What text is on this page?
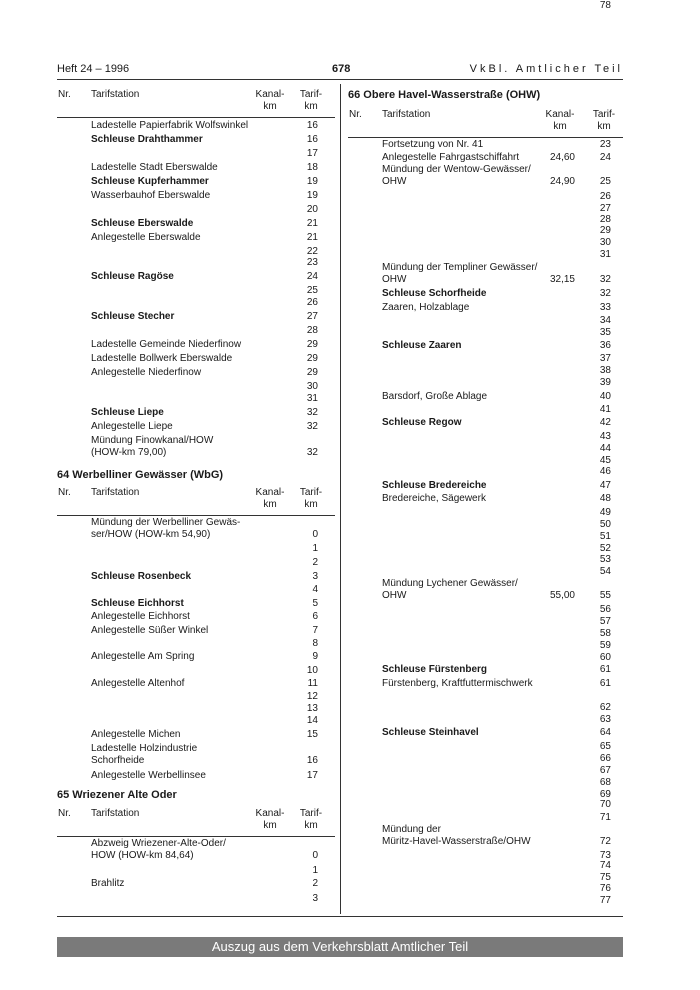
Heft 24 – 1996	678	VkBl. Amtlicher Teil
Nr. Tarifstation	Kanal-
km
Tarif-
km
Ladestelle Papierfabrik Wolfswinkel	16
Schleuse Drahthammer	16
17
Ladestelle Stadt Eberswalde	18
Schleuse Kupferhammer	19
Wasserbauhof Eberswalde	19
20
Schleuse Eberswalde	21
Anlegestelle Eberswalde	21
22
23
Schleuse Ragöse	24
25
26
Schleuse Stecher	27
28
Ladestelle Gemeinde Niederfinow	29
Ladestelle Bollwerk Eberswalde	29
Anlegestelle Niederfinow	29
30
31
Schleuse Liepe	32
Anlegestelle Liepe	32
Mündung Finowkanal/HOW
(HOW-km 79,00)	32
Nr. Tarifstation	Kanal-
km
Tarif-
km
Mündung der Werbelliner Gewäs-
ser/HOW (HOW-km 54,90)	0
1
2
Schleuse Rosenbeck	3
4
Schleuse Eichhorst	5
Anlegestelle Eichhorst	6
Anlegestelle Süßer Winkel	7
8
Anlegestelle Am Spring	9
10
Anlegestelle Altenhof	11
12
13
14
Anlegestelle Michen	15
Ladestelle Holzindustrie
Schorfheide	16
Anlegestelle Werbellinsee	17
Nr. Tarifstation	Kanal-
km
Tarif-
km
Abzweig Wriezener-Alte-Oder/
HOW (HOW-km 84,64)	0
1
Brahlitz	2
3
64 Werbelliner Gewässer (WbG)
65 Wriezener Alte Oder
66 Obere Havel-Wasserstraße (OHW)
Nr. Tarifstation	Kanal-
km
Tarif-
km
Fortsetzung von Nr. 41	23
Anlegestelle Fahrgastschiffahrt	24,60	24
Mündung der Wentow-Gewässer/
OHW	24,90	25
26
27
28
29
30
31
Mündung der Templiner Gewässer/
OHW	32,15	32
Schleuse Schorfheide	32
Zaaren, Holzablage	33
34
35
Schleuse Zaaren	36
37
38
39
Barsdorf, Große Ablage	40
41
Schleuse Regow	42
43
44
45
46
Schleuse Bredereiche	47
Bredereiche, Sägewerk	48
49
50
51
52
53
54
Mündung Lychener Gewässer/
OHW	55,00	55
56
57
58
59
60
Schleuse Fürstenberg	61
Fürstenberg, Kraftfuttermischwerk	61
62
63
Schleuse Steinhavel	64
65
66
67
68
69
70
71
Mündung der
Müritz-Havel-Wasserstraße/OHW	72
73
74
75
76
77
78
Auszug aus dem Verkehrsblatt Amtlicher Teil
